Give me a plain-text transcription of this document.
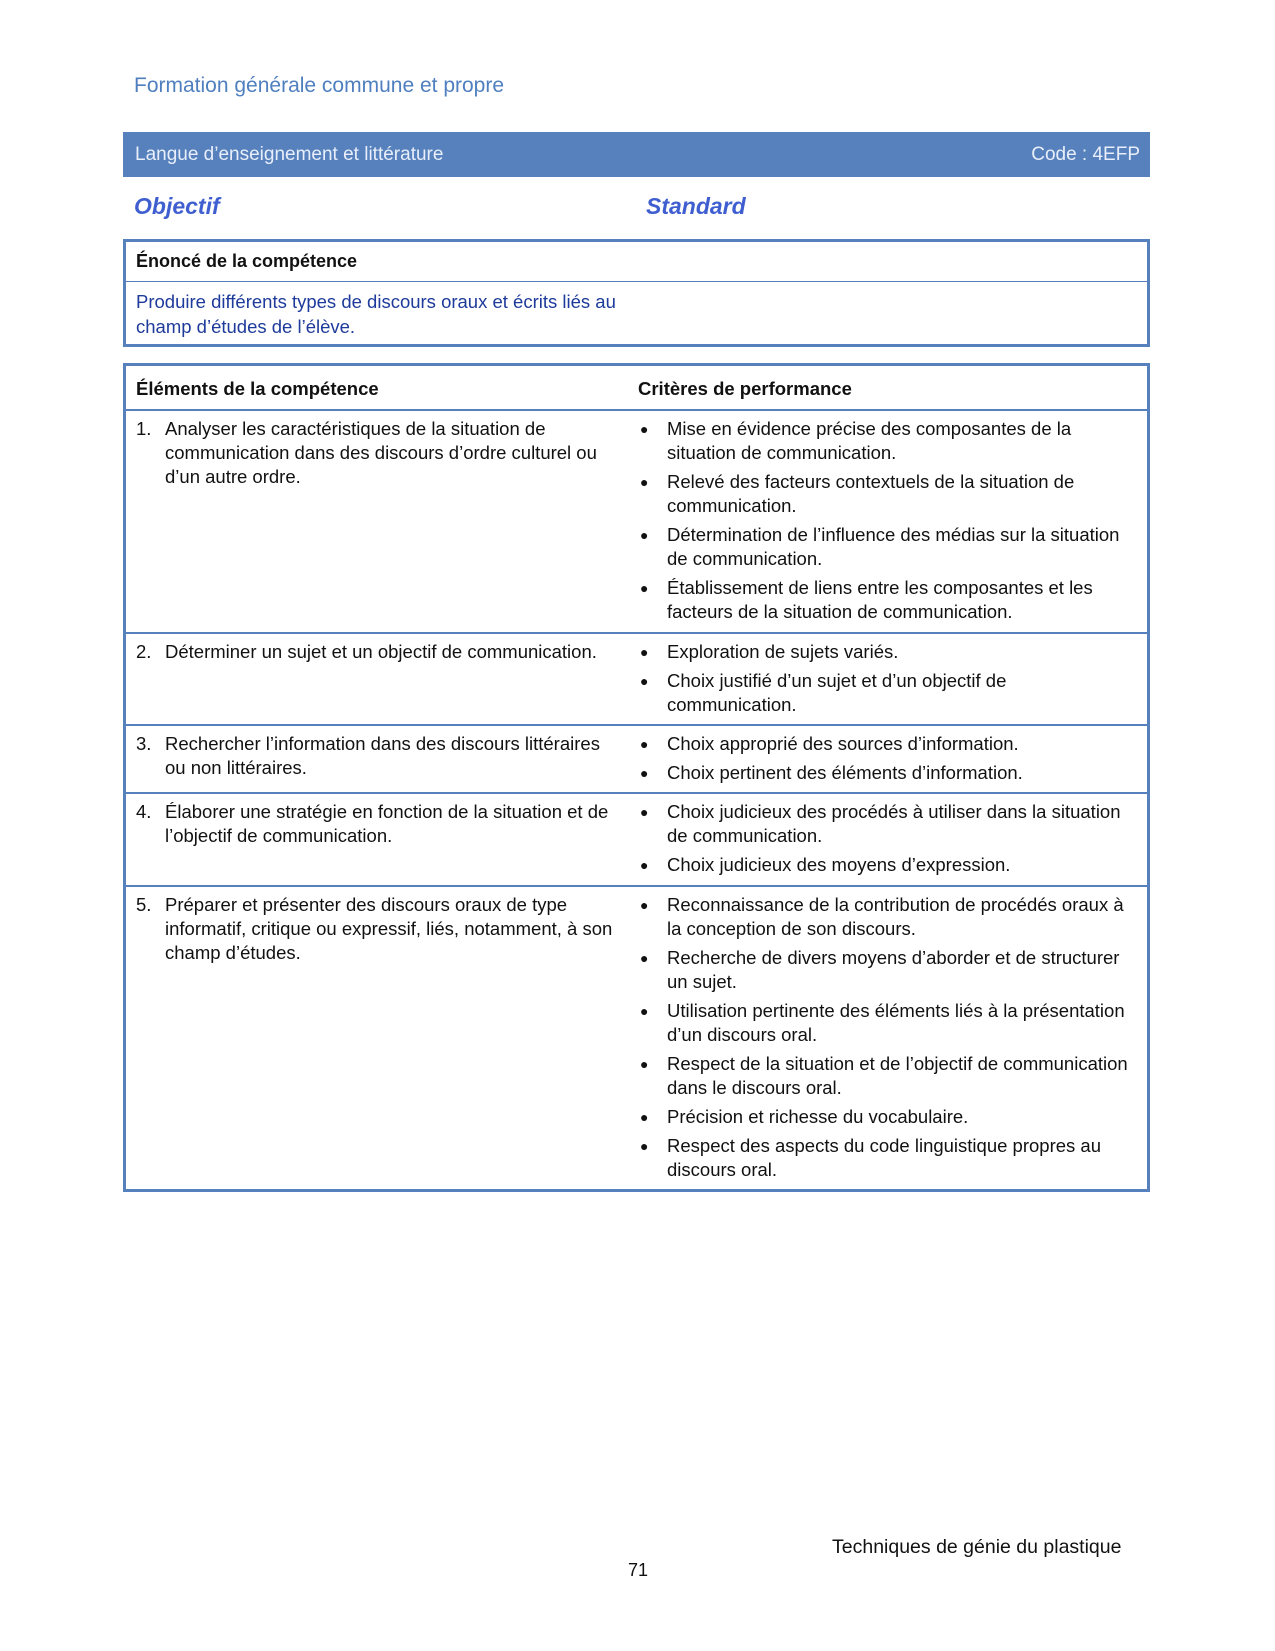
Formation générale commune et propre
Langue d’enseignement et littérature	Code : 4EFP
Objectif	Standard
Énoncé de la compétence
Produire différents types de discours oraux et écrits liés au champ d’études de l’élève.
Éléments de la compétence	Critères de performance
1. Analyser les caractéristiques de la situation de communication dans des discours d’ordre culturel ou d’un autre ordre.
●	Mise en évidence précise des composantes de la situation de communication.
●	Relevé des facteurs contextuels de la situation de communication.
●	Détermination de l’influence des médias sur la situation de communication.
●	Établissement de liens entre les composantes et les facteurs de la situation de communication.
2. Déterminer un sujet et un objectif de communication.	●	Exploration de sujets variés.
●	Choix justifié d’un sujet et d’un objectif de communication.
3. Rechercher l’information dans des discours littéraires ou non littéraires.
●	Choix approprié des sources d’information.
●	Choix pertinent des éléments d’information.
4. Élaborer une stratégie en fonction de la situation et de l’objectif de communication.
●	Choix judicieux des procédés à utiliser dans la situation de communication.
●	Choix judicieux des moyens d’expression.
5. Préparer et présenter des discours oraux de type informatif, critique ou expressif, liés, notamment, à son champ d’études.
●	Reconnaissance de la contribution de procédés oraux à la conception de son discours.
●	Recherche de divers moyens d’aborder et de structurer un sujet.
●	Utilisation pertinente des éléments liés à la présentation d’un discours oral.
●	Respect de la situation et de l’objectif de communication dans le discours oral.
●	Précision et richesse du vocabulaire.
●	Respect des aspects du code linguistique propres au discours oral.
Techniques de génie du plastique
71
